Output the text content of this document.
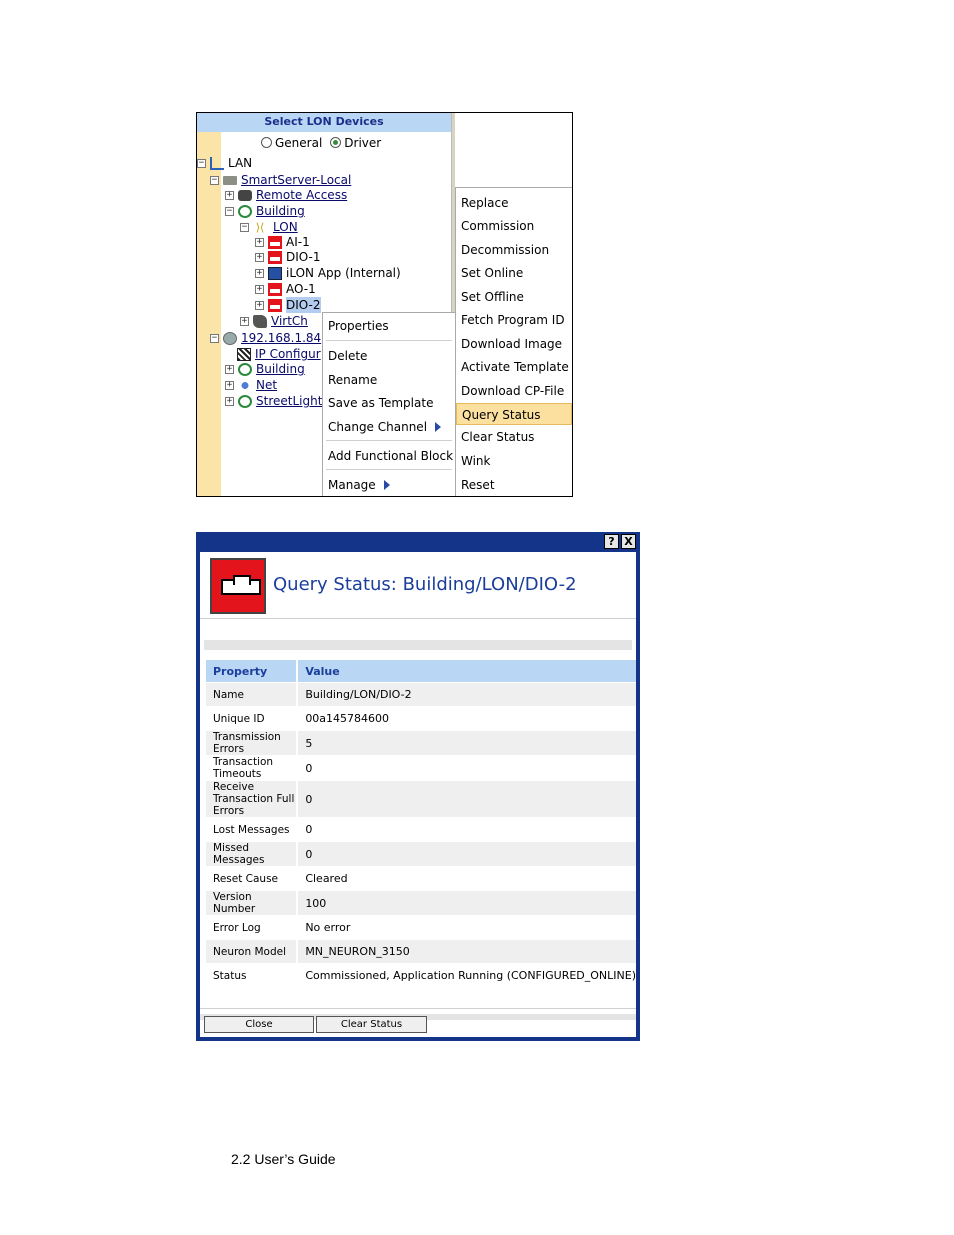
Select LON Devices
General	Driver
− LAN
− SmartServer-Local
+ Remote Access
− Building
− ⟩⟨ LON
+ AI-1
+ DIO-1
+ iLON App (Internal)
+ AO-1
+ DIO-2
+ VirtCh
− 192.168.1.84
IP Configur
+ Building
+ Net
+ StreetLight
Properties
Delete
Rename
Save as Template
Change Channel
Add Functional Block
Manage
Replace
Commission
Decommission
Set Online
Set Offline
Fetch Program ID
Download Image
Activate Template
Download CP-File
Query Status
Clear Status
Wink
Reset
? X
Query Status: Building/LON/DIO-2
Property	Value
Name	Building/LON/DIO-2
Unique ID	00a145784600
Transmission Errors	5
Transaction Timeouts	0
Receive Transaction Full Errors	0
Lost Messages	0
Missed Messages	0
Reset Cause	Cleared
Version Number	100
Error Log	No error
Neuron Model	MN_NEURON_3150
Status	Commissioned, Application Running (CONFIGURED_ONLINE)
Close	Clear Status
2.2 User’s Guide
